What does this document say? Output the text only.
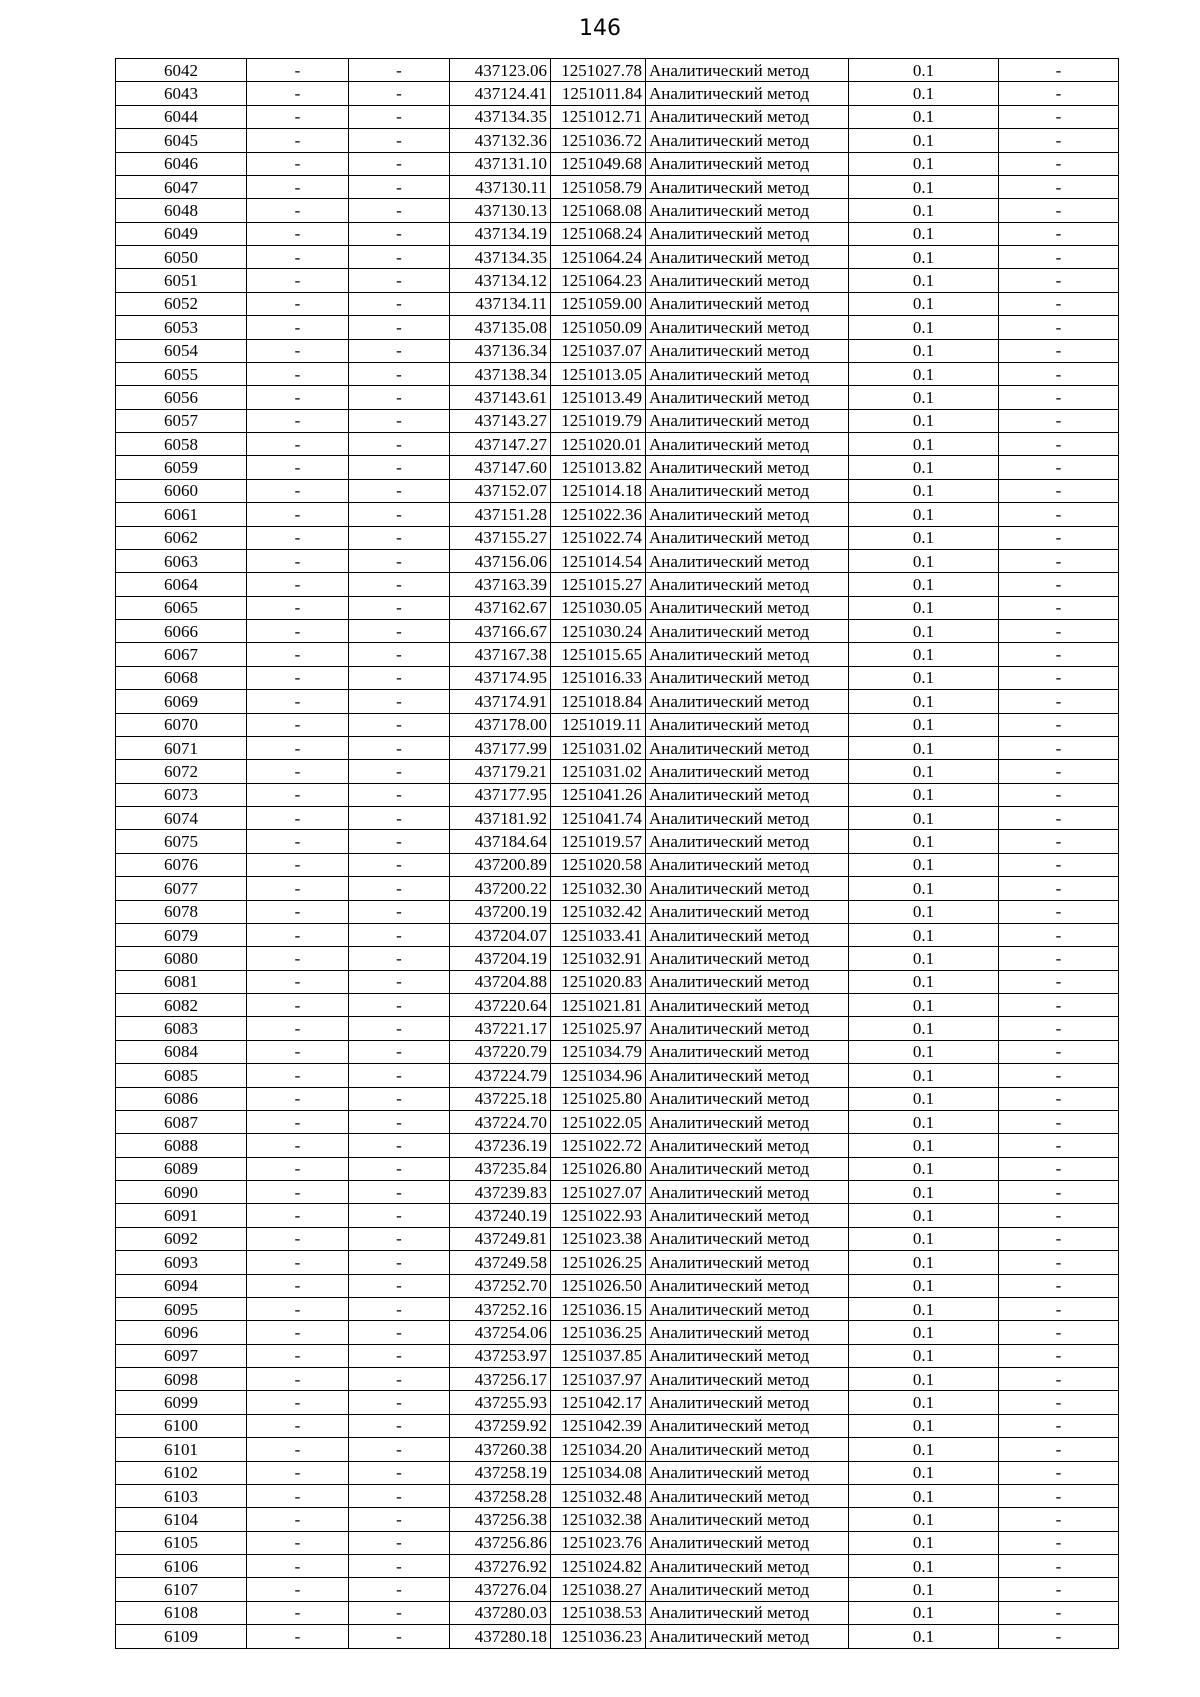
146
6042	-	-	437123.06	1251027.78	Аналитический метод	0.1	-
6043	-	-	437124.41	1251011.84	Аналитический метод	0.1	-
6044	-	-	437134.35	1251012.71	Аналитический метод	0.1	-
6045	-	-	437132.36	1251036.72	Аналитический метод	0.1	-
6046	-	-	437131.10	1251049.68	Аналитический метод	0.1	-
6047	-	-	437130.11	1251058.79	Аналитический метод	0.1	-
6048	-	-	437130.13	1251068.08	Аналитический метод	0.1	-
6049	-	-	437134.19	1251068.24	Аналитический метод	0.1	-
6050	-	-	437134.35	1251064.24	Аналитический метод	0.1	-
6051	-	-	437134.12	1251064.23	Аналитический метод	0.1	-
6052	-	-	437134.11	1251059.00	Аналитический метод	0.1	-
6053	-	-	437135.08	1251050.09	Аналитический метод	0.1	-
6054	-	-	437136.34	1251037.07	Аналитический метод	0.1	-
6055	-	-	437138.34	1251013.05	Аналитический метод	0.1	-
6056	-	-	437143.61	1251013.49	Аналитический метод	0.1	-
6057	-	-	437143.27	1251019.79	Аналитический метод	0.1	-
6058	-	-	437147.27	1251020.01	Аналитический метод	0.1	-
6059	-	-	437147.60	1251013.82	Аналитический метод	0.1	-
6060	-	-	437152.07	1251014.18	Аналитический метод	0.1	-
6061	-	-	437151.28	1251022.36	Аналитический метод	0.1	-
6062	-	-	437155.27	1251022.74	Аналитический метод	0.1	-
6063	-	-	437156.06	1251014.54	Аналитический метод	0.1	-
6064	-	-	437163.39	1251015.27	Аналитический метод	0.1	-
6065	-	-	437162.67	1251030.05	Аналитический метод	0.1	-
6066	-	-	437166.67	1251030.24	Аналитический метод	0.1	-
6067	-	-	437167.38	1251015.65	Аналитический метод	0.1	-
6068	-	-	437174.95	1251016.33	Аналитический метод	0.1	-
6069	-	-	437174.91	1251018.84	Аналитический метод	0.1	-
6070	-	-	437178.00	1251019.11	Аналитический метод	0.1	-
6071	-	-	437177.99	1251031.02	Аналитический метод	0.1	-
6072	-	-	437179.21	1251031.02	Аналитический метод	0.1	-
6073	-	-	437177.95	1251041.26	Аналитический метод	0.1	-
6074	-	-	437181.92	1251041.74	Аналитический метод	0.1	-
6075	-	-	437184.64	1251019.57	Аналитический метод	0.1	-
6076	-	-	437200.89	1251020.58	Аналитический метод	0.1	-
6077	-	-	437200.22	1251032.30	Аналитический метод	0.1	-
6078	-	-	437200.19	1251032.42	Аналитический метод	0.1	-
6079	-	-	437204.07	1251033.41	Аналитический метод	0.1	-
6080	-	-	437204.19	1251032.91	Аналитический метод	0.1	-
6081	-	-	437204.88	1251020.83	Аналитический метод	0.1	-
6082	-	-	437220.64	1251021.81	Аналитический метод	0.1	-
6083	-	-	437221.17	1251025.97	Аналитический метод	0.1	-
6084	-	-	437220.79	1251034.79	Аналитический метод	0.1	-
6085	-	-	437224.79	1251034.96	Аналитический метод	0.1	-
6086	-	-	437225.18	1251025.80	Аналитический метод	0.1	-
6087	-	-	437224.70	1251022.05	Аналитический метод	0.1	-
6088	-	-	437236.19	1251022.72	Аналитический метод	0.1	-
6089	-	-	437235.84	1251026.80	Аналитический метод	0.1	-
6090	-	-	437239.83	1251027.07	Аналитический метод	0.1	-
6091	-	-	437240.19	1251022.93	Аналитический метод	0.1	-
6092	-	-	437249.81	1251023.38	Аналитический метод	0.1	-
6093	-	-	437249.58	1251026.25	Аналитический метод	0.1	-
6094	-	-	437252.70	1251026.50	Аналитический метод	0.1	-
6095	-	-	437252.16	1251036.15	Аналитический метод	0.1	-
6096	-	-	437254.06	1251036.25	Аналитический метод	0.1	-
6097	-	-	437253.97	1251037.85	Аналитический метод	0.1	-
6098	-	-	437256.17	1251037.97	Аналитический метод	0.1	-
6099	-	-	437255.93	1251042.17	Аналитический метод	0.1	-
6100	-	-	437259.92	1251042.39	Аналитический метод	0.1	-
6101	-	-	437260.38	1251034.20	Аналитический метод	0.1	-
6102	-	-	437258.19	1251034.08	Аналитический метод	0.1	-
6103	-	-	437258.28	1251032.48	Аналитический метод	0.1	-
6104	-	-	437256.38	1251032.38	Аналитический метод	0.1	-
6105	-	-	437256.86	1251023.76	Аналитический метод	0.1	-
6106	-	-	437276.92	1251024.82	Аналитический метод	0.1	-
6107	-	-	437276.04	1251038.27	Аналитический метод	0.1	-
6108	-	-	437280.03	1251038.53	Аналитический метод	0.1	-
6109	-	-	437280.18	1251036.23	Аналитический метод	0.1	-
